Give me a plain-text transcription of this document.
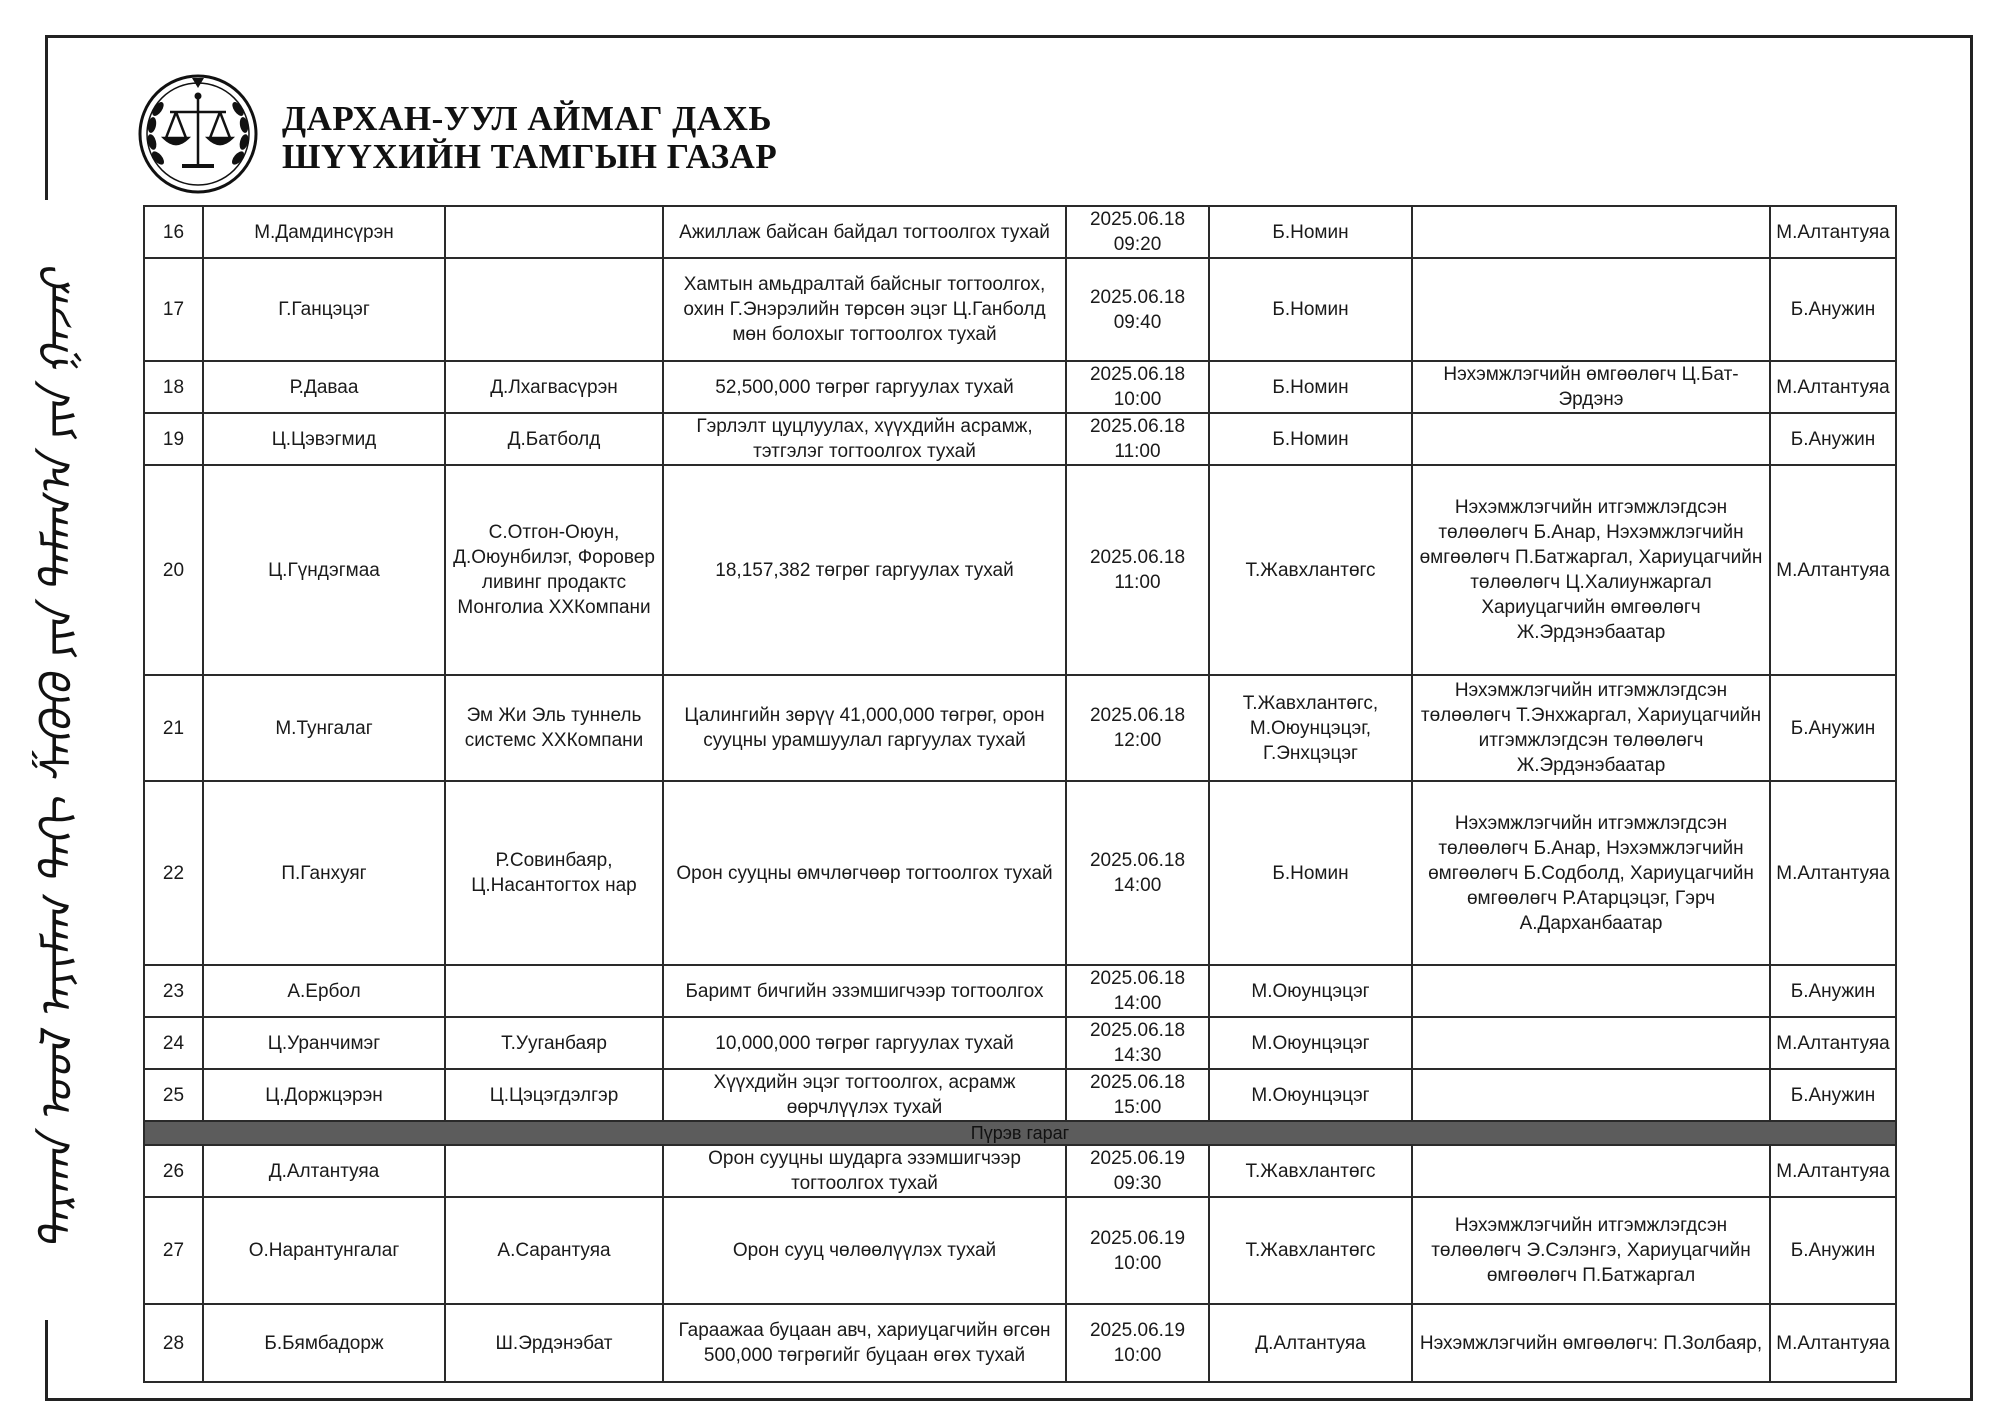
ᠳᠠᠷᠬᠠᠨ ᠤᠤᠯ ᠠᠶᠢᠮᠠᠭ ᠳᠠᠬᠢ ᠱᠡᠭᠦᠬᠦ ᠶᠢᠨ ᠲᠠᠮᠠᠭ᠎ᠠ ᠶᠢᠨ ᠭᠠᠵᠠᠷ
ДАРХАН-УУЛ АЙМАГ ДАХЬ
ШҮҮХИЙН ТАМГЫН ГАЗАР
16	М.Дамдинсүрэн		Ажиллаж байсан байдал тогтоолгох тухай	2025.06.18 09:20	Б.Номин		М.Алтантуяа
17	Г.Ганцэцэг		Хамтын амьдралтай байсныг тогтоолгох, охин Г.Энэрэлийн төрсөн эцэг Ц.Ганболд мөн болохыг тогтоолгох тухай	2025.06.18 09:40	Б.Номин		Б.Анужин
18	Р.Даваа	Д.Лхагвасүрэн	52,500,000 төгрөг гаргуулах тухай	2025.06.18 10:00	Б.Номин	Нэхэмжлэгчийн өмгөөлөгч Ц.Бат-Эрдэнэ	М.Алтантуяа
19	Ц.Цэвэгмид	Д.Батболд	Гэрлэлт цуцлуулах, хүүхдийн асрамж, тэтгэлэг тогтоолгох тухай	2025.06.18 11:00	Б.Номин		Б.Анужин
20	Ц.Гүндэгмаа	С.Отгон-Оюун, Д.Оюунбилэг, Форовер ливинг продактс Монголиа ХХКомпани	18,157,382 төгрөг гаргуулах тухай	2025.06.18 11:00	Т.Жавхлантөгс	Нэхэмжлэгчийн итгэмжлэгдсэн төлөөлөгч Б.Анар, Нэхэмжлэгчийн өмгөөлөгч П.Батжаргал, Хариуцагчийн төлөөлөгч Ц.Халиунжаргал Хариуцагчийн өмгөөлөгч Ж.Эрдэнэбаатар	М.Алтантуяа
21	М.Тунгалаг	Эм Жи Эль туннель системс ХХКомпани	Цалингийн зөрүү 41,000,000 төгрөг, орон сууцны урамшуулал гаргуулах тухай	2025.06.18 12:00	Т.Жавхлантөгс, М.Оюунцэцэг, Г.Энхцэцэг	Нэхэмжлэгчийн итгэмжлэгдсэн төлөөлөгч Т.Энхжаргал, Хариуцагчийн итгэмжлэгдсэн төлөөлөгч Ж.Эрдэнэбаатар	Б.Анужин
22	П.Ганхуяг	Р.Совинбаяр, Ц.Насантогтох нар	Орон сууцны өмчлөгчөөр тогтоолгох тухай	2025.06.18 14:00	Б.Номин	Нэхэмжлэгчийн итгэмжлэгдсэн төлөөлөгч Б.Анар, Нэхэмжлэгчийн өмгөөлөгч Б.Содболд, Хариуцагчийн өмгөөлөгч Р.Атарцэцэг, Гэрч А.Дарханбаатар	М.Алтантуяа
23	А.Ербол		Баримт бичгийн эзэмшигчээр тогтоолгох	2025.06.18 14:00	М.Оюунцэцэг		Б.Анужин
24	Ц.Уранчимэг	Т.Ууганбаяр	10,000,000 төгрөг гаргуулах тухай	2025.06.18 14:30	М.Оюунцэцэг		М.Алтантуяа
25	Ц.Доржцэрэн	Ц.Цэцэгдэлгэр	Хүүхдийн эцэг тогтоолгох, асрамж өөрчлүүлэх тухай	2025.06.18 15:00	М.Оюунцэцэг		Б.Анужин
Пүрэв гараг							
26	Д.Алтантуяа		Орон сууцны шударга эзэмшигчээр тогтоолгох тухай	2025.06.19 09:30	Т.Жавхлантөгс		М.Алтантуяа
27	О.Нарантунгалаг	А.Сарантуяа	Орон сууц чөлөөлүүлэх тухай	2025.06.19 10:00	Т.Жавхлантөгс	Нэхэмжлэгчийн итгэмжлэгдсэн төлөөлөгч Э.Сэлэнгэ, Хариуцагчийн өмгөөлөгч П.Батжаргал	Б.Анужин
28	Б.Бямбадорж	Ш.Эрдэнэбат	Гараажаа буцаан авч, хариуцагчийн өгсөн 500,000 төгрөгийг буцаан өгөх тухай	2025.06.19 10:00	Д.Алтантуяа	Нэхэмжлэгчийн өмгөөлөгч: П.Золбаяр,	М.Алтантуяа
